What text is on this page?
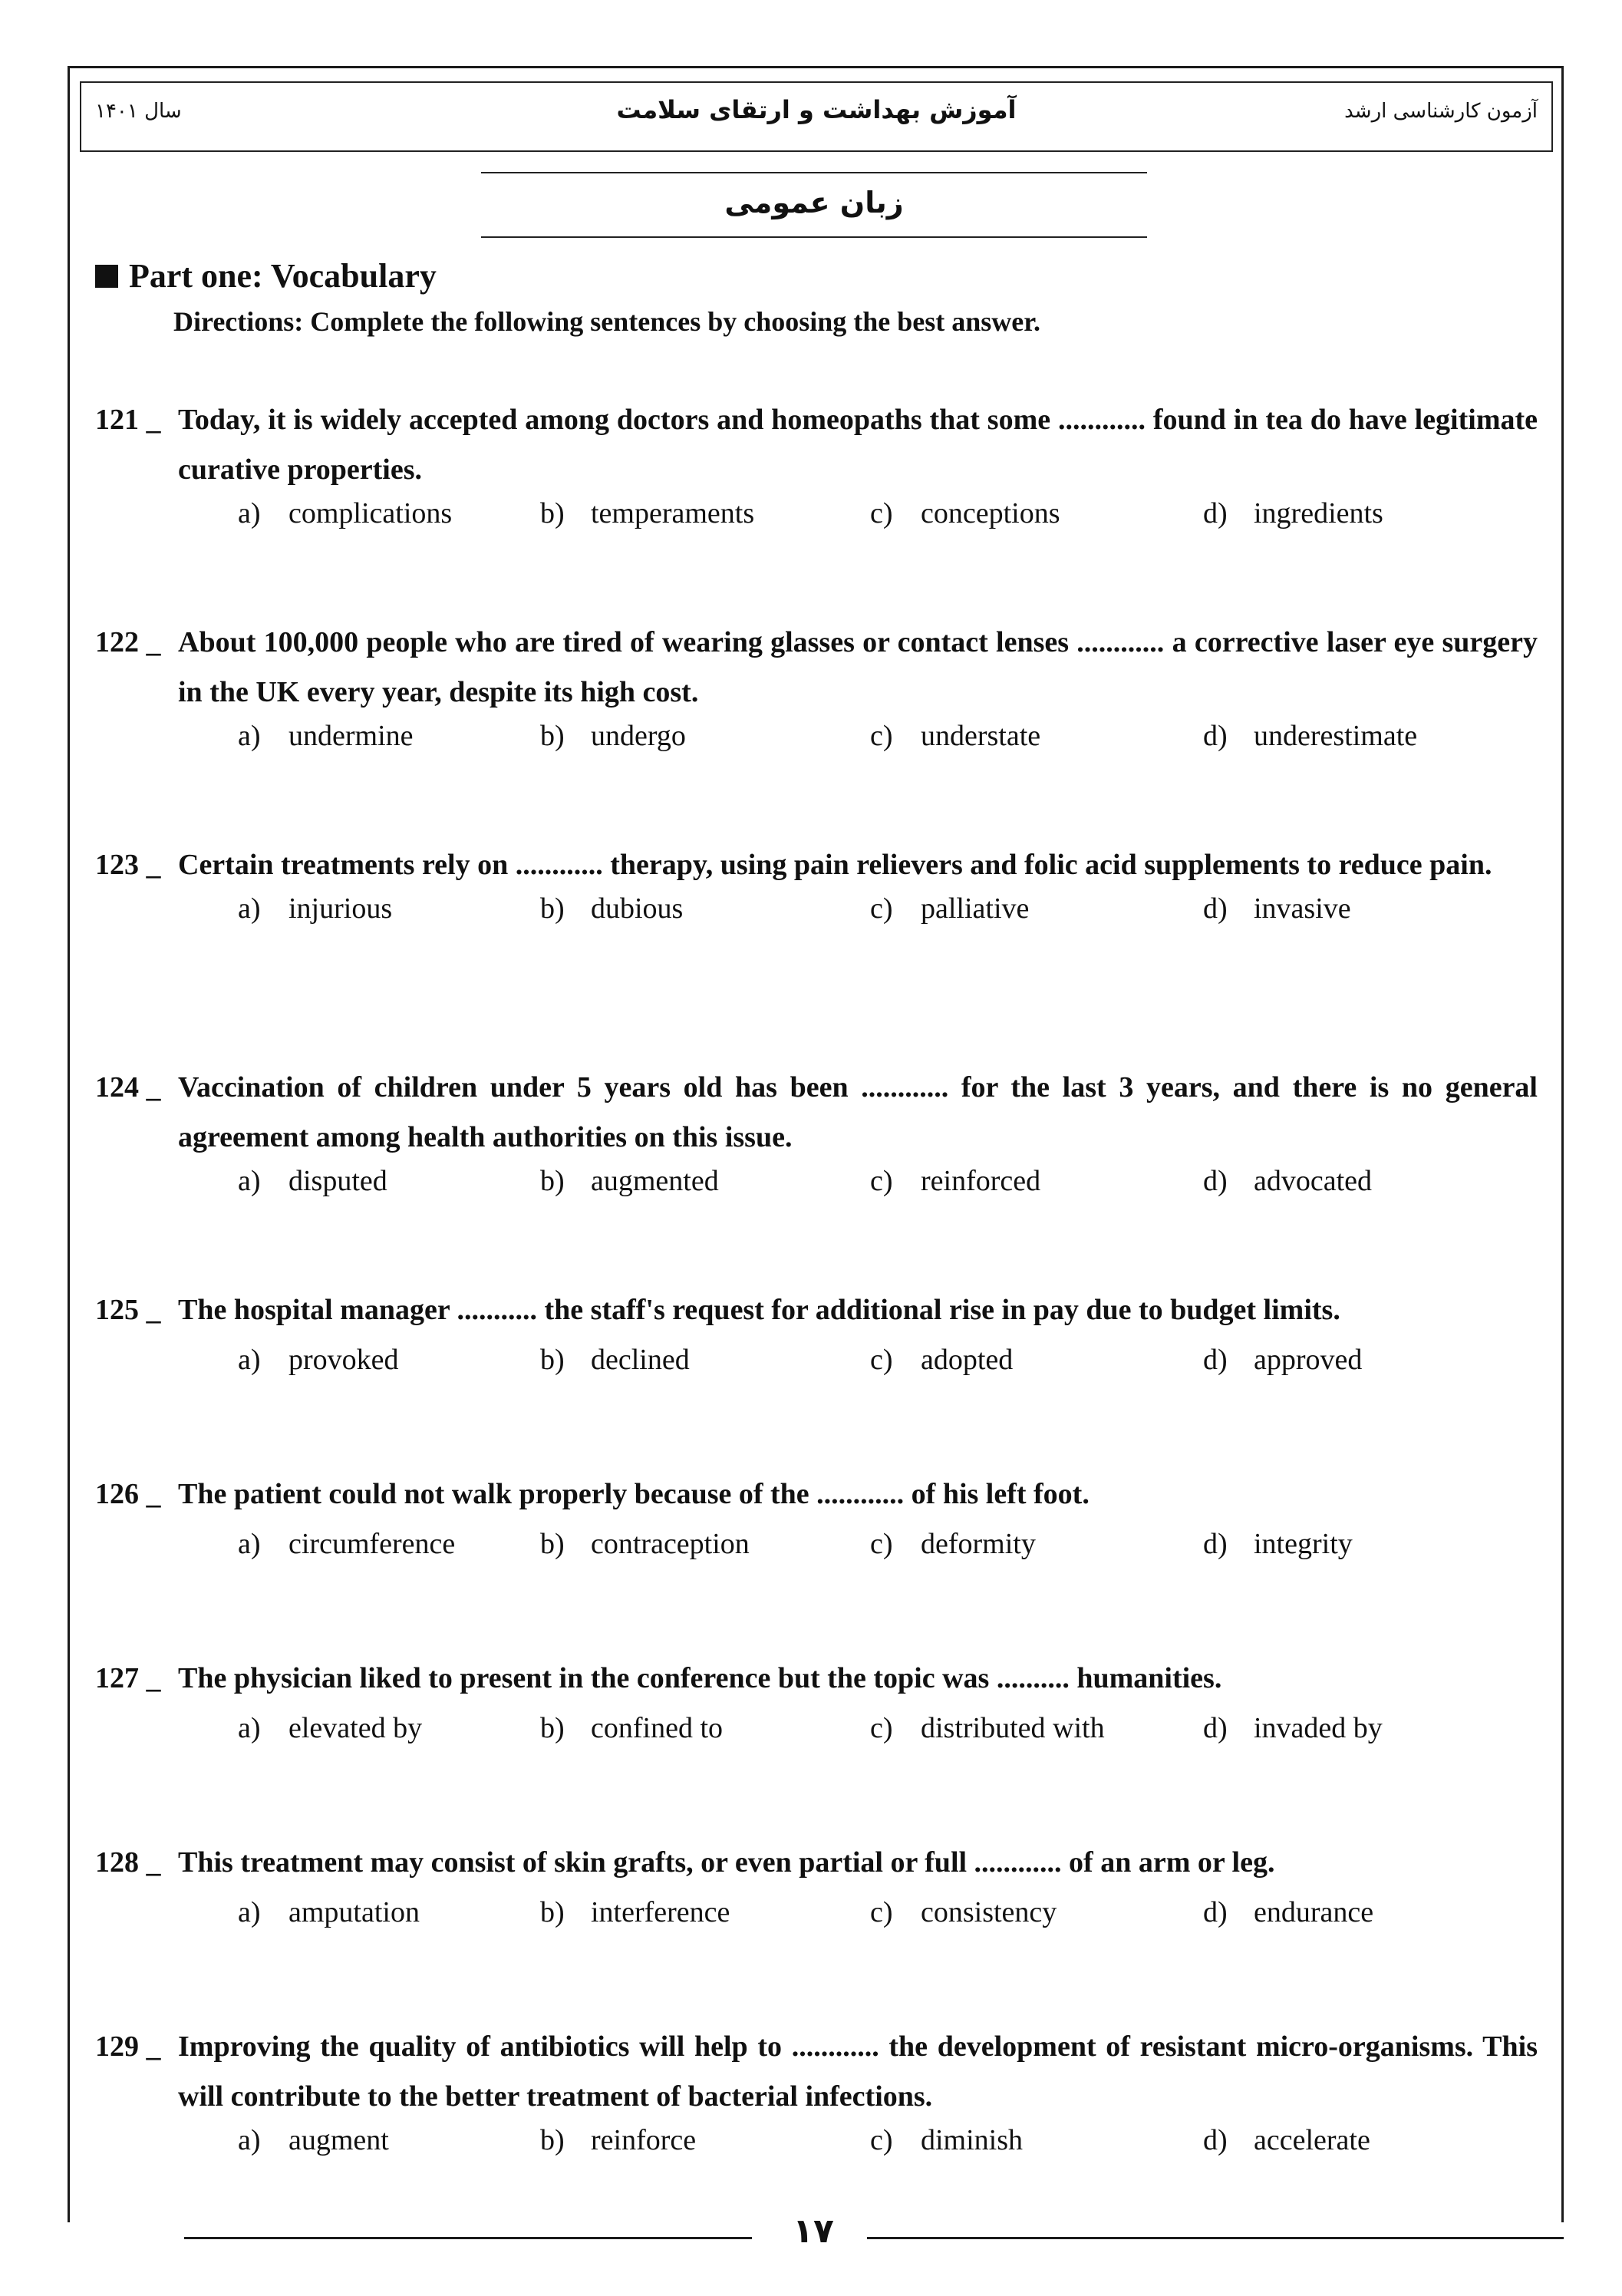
سال ۱۴۰۱	آموزش بهداشت و ارتقای سلامت	آزمون کارشناسی ارشد
زبان عمومی
Part one: Vocabulary
Directions: Complete the following sentences by choosing the best answer.
121 _ Today, it is widely accepted among doctors and homeopaths that some ............ found in tea do have legitimate curative properties.
a) complications	b) temperaments	c) conceptions	d) ingredients
122 _ About 100,000 people who are tired of wearing glasses or contact lenses ............ a corrective laser eye surgery in the UK every year, despite its high cost.
a) undermine	b) undergo	c) understate	d) underestimate
123 _ Certain treatments rely on ............ therapy, using pain relievers and folic acid supplements to reduce pain.
a) injurious	b) dubious	c) palliative	d) invasive
124 _ Vaccination of children under 5 years old has been ............ for the last 3 years, and there is no general agreement among health authorities on this issue.
a) disputed	b) augmented	c) reinforced	d) advocated
125 _ The hospital manager ........... the staff's request for additional rise in pay due to budget limits.
a) provoked	b) declined	c) adopted	d) approved
126 _ The patient could not walk properly because of the ............ of his left foot.
a) circumference	b) contraception	c) deformity	d) integrity
127 _ The physician liked to present in the conference but the topic was .......... humanities.
a) elevated by	b) confined to	c) distributed with	d) invaded by
128 _ This treatment may consist of skin grafts, or even partial or full ............ of an arm or leg.
a) amputation	b) interference	c) consistency	d) endurance
129 _ Improving the quality of antibiotics will help to ............ the development of resistant micro-organisms. This will contribute to the better treatment of bacterial infections.
a) augment	b) reinforce	c) diminish	d) accelerate
۱۷
